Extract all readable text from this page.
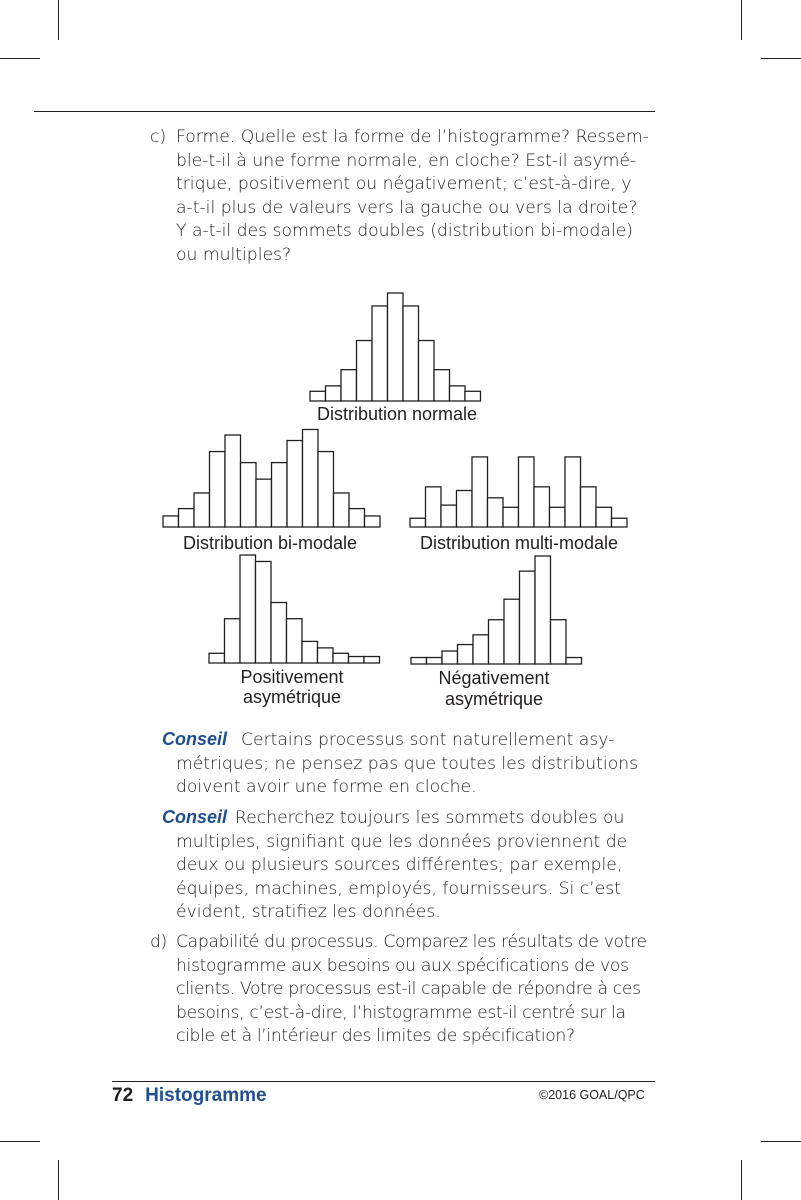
c) Forme. Quelle est la forme de l’histogramme? Ressem-
ble-t-il à une forme normale, en cloche? Est-il asymé-
trique, positivement ou négativement; c’est-à-dire, y
a-t-il plus de valeurs vers la gauche ou vers la droite?
Y a-t-il des sommets doubles (distribution bi-modale)
ou multiples?
Distribution normale
Distribution bi-modale	Distribution multi-modale
Positivement
asymétrique
Négativement
asymétrique
Conseil Certains processus sont naturellement asy-
métriques; ne pensez pas que toutes les distributions
doivent avoir une forme en cloche.
Conseil Recherchez toujours les sommets doubles ou
multiples, signifiant que les données proviennent de
deux ou plusieurs sources différentes; par exemple,
équipes, machines, employés, fournisseurs. Si c’est
évident, stratifiez les données.
d) Capabilité du processus. Comparez les résultats de votre
histogramme aux besoins ou aux spécifications de vos
clients. Votre processus est-il capable de répondre à ces
besoins, c’est-à-dire, l’histogramme est-il centré sur la
cible et à l’intérieur des limites de spécification?
72 Histogramme	©2016 GOAL/QPC
